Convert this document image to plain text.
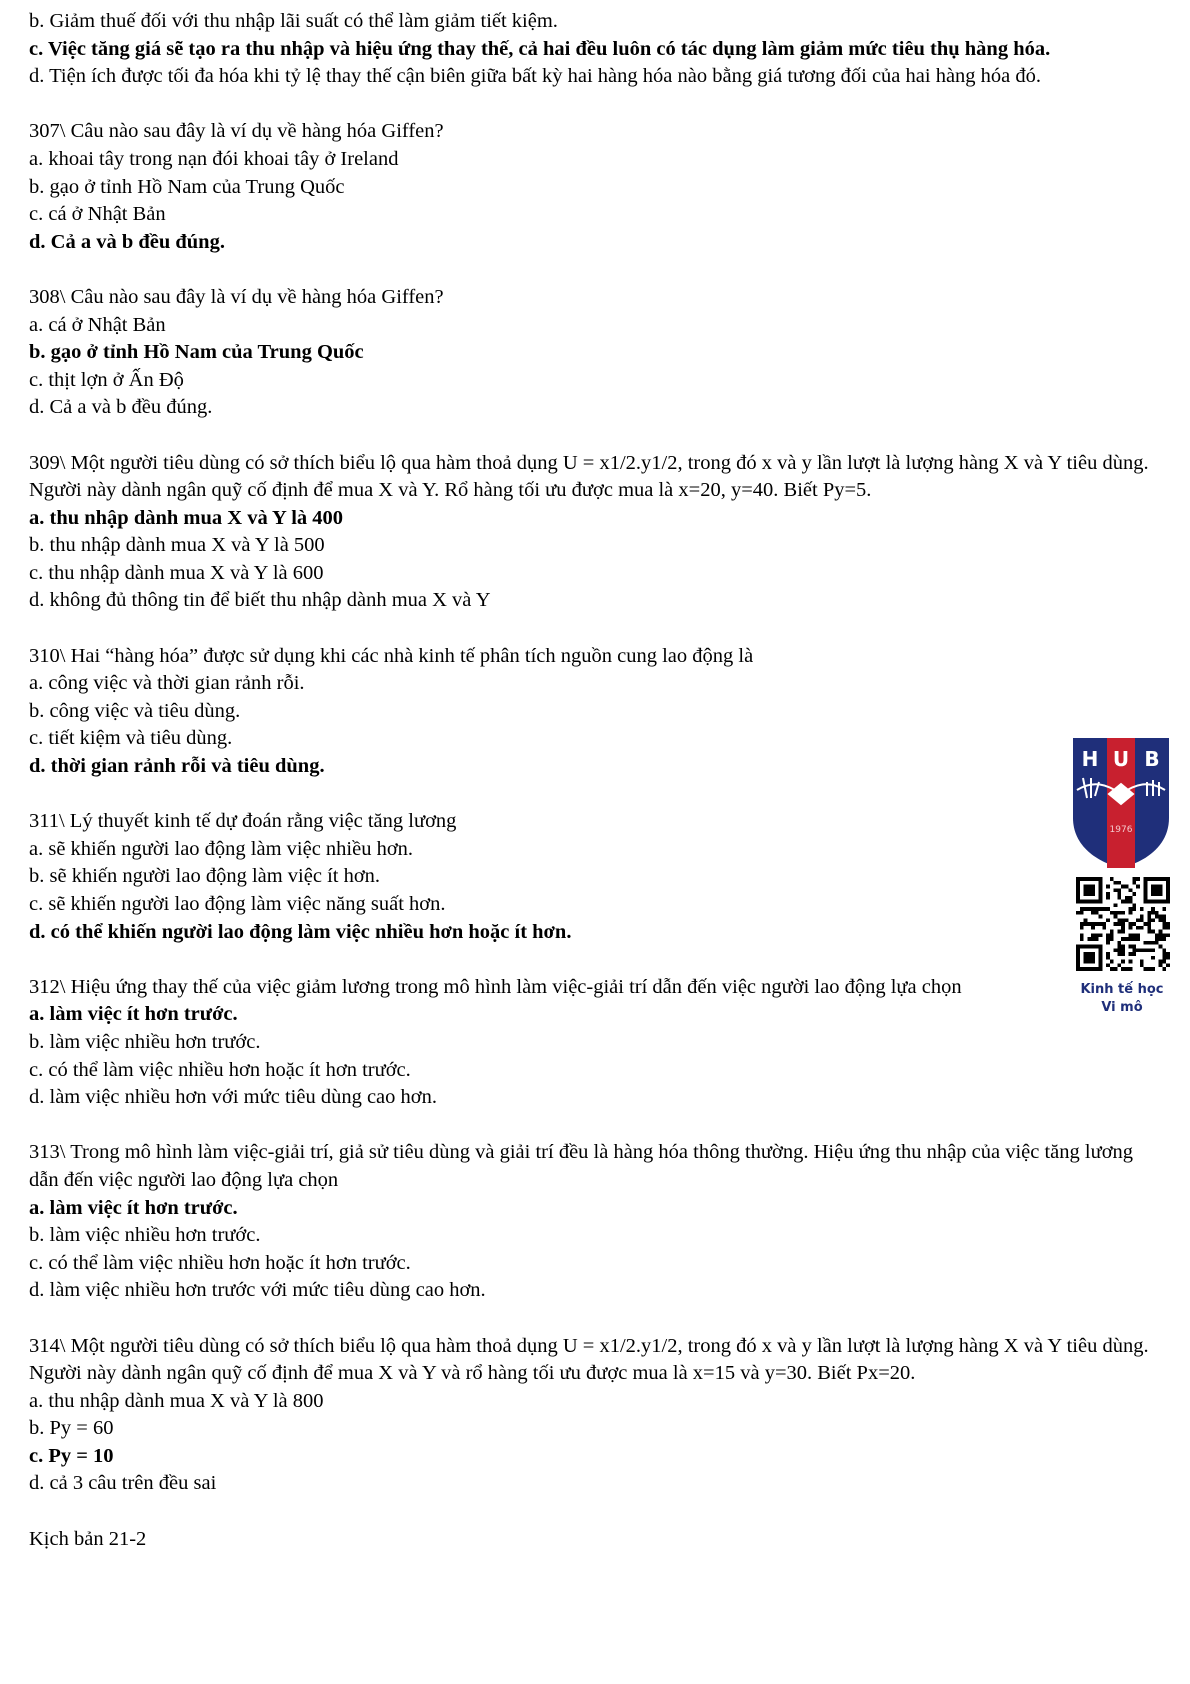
b. Giảm thuế đối với thu nhập lãi suất có thể làm giảm tiết kiệm.
c. Việc tăng giá sẽ tạo ra thu nhập và hiệu ứng thay thế, cả hai đều luôn có tác dụng làm giảm mức tiêu thụ hàng hóa.
d. Tiện ích được tối đa hóa khi tỷ lệ thay thế cận biên giữa bất kỳ hai hàng hóa nào bằng giá tương đối của hai hàng hóa đó.
307\ Câu nào sau đây là ví dụ về hàng hóa Giffen?
a. khoai tây trong nạn đói khoai tây ở Ireland
b. gạo ở tỉnh Hồ Nam của Trung Quốc
c. cá ở Nhật Bản
d. Cả a và b đều đúng.
308\ Câu nào sau đây là ví dụ về hàng hóa Giffen?
a. cá ở Nhật Bản
b. gạo ở tỉnh Hồ Nam của Trung Quốc
c. thịt lợn ở Ấn Độ
d. Cả a và b đều đúng.
309\ Một người tiêu dùng có sở thích biểu lộ qua hàm thoả dụng U = x1/2.y1/2, trong đó x và y lần lượt là lượng hàng X và Y tiêu dùng. Người này dành ngân quỹ cố định để mua X và Y. Rổ hàng tối ưu được mua là x=20, y=40. Biết Py=5.
a. thu nhập dành mua X và Y là 400
b. thu nhập dành mua X và Y là 500
c. thu nhập dành mua X và Y là 600
d. không đủ thông tin để biết thu nhập dành mua X và Y
310\ Hai “hàng hóa” được sử dụng khi các nhà kinh tế phân tích nguồn cung lao động là
a. công việc và thời gian rảnh rỗi.
b. công việc và tiêu dùng.
c. tiết kiệm và tiêu dùng.
d. thời gian rảnh rỗi và tiêu dùng.
311\ Lý thuyết kinh tế dự đoán rằng việc tăng lương
a. sẽ khiến người lao động làm việc nhiều hơn.
b. sẽ khiến người lao động làm việc ít hơn.
c. sẽ khiến người lao động làm việc năng suất hơn.
d. có thể khiến người lao động làm việc nhiều hơn hoặc ít hơn.
312\ Hiệu ứng thay thế của việc giảm lương trong mô hình làm việc-giải trí dẫn đến việc người lao động lựa chọn
a. làm việc ít hơn trước.
b. làm việc nhiều hơn trước.
c. có thể làm việc nhiều hơn hoặc ít hơn trước.
d. làm việc nhiều hơn với mức tiêu dùng cao hơn.
313\ Trong mô hình làm việc-giải trí, giả sử tiêu dùng và giải trí đều là hàng hóa thông thường. Hiệu ứng thu nhập của việc tăng lương dẫn đến việc người lao động lựa chọn
a. làm việc ít hơn trước.
b. làm việc nhiều hơn trước.
c. có thể làm việc nhiều hơn hoặc ít hơn trước.
d. làm việc nhiều hơn trước với mức tiêu dùng cao hơn.
314\ Một người tiêu dùng có sở thích biểu lộ qua hàm thoả dụng U = x1/2.y1/2, trong đó x và y lần lượt là lượng hàng X và Y tiêu dùng. Người này dành ngân quỹ cố định để mua X và Y và rổ hàng tối ưu được mua là x=15 và y=30. Biết Px=20.
a. thu nhập dành mua X và Y là 800
b. Py = 60
c. Py = 10
d. cả 3 câu trên đều sai
Kịch bản 21-2
H U B
1976
Kinh tế học
Vi mô
